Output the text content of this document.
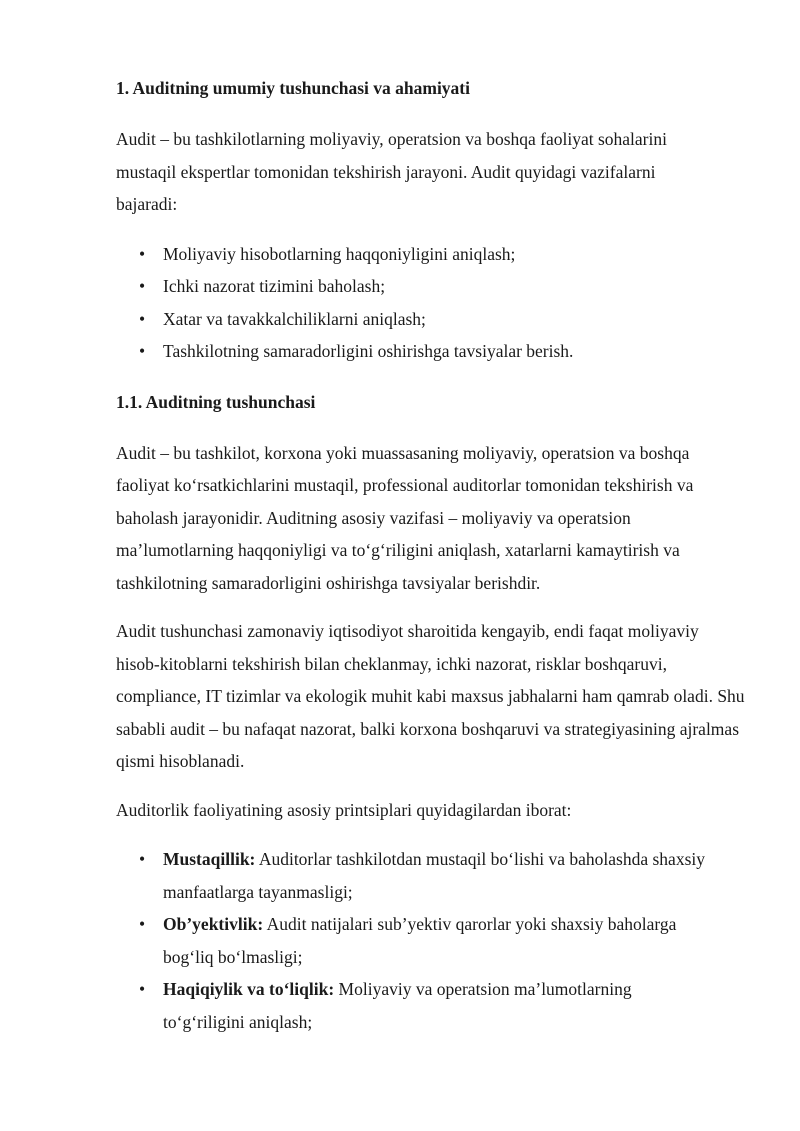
1. Auditning umumiy tushunchasi va ahamiyati

Audit – bu tashkilotlarning moliyaviy, operatsion va boshqa faoliyat sohalarini mustaqil ekspertlar tomonidan tekshirish jarayoni. Audit quyidagi vazifalarni bajaradi:

• Moliyaviy hisobotlarning haqqoniyligini aniqlash;
• Ichki nazorat tizimini baholash;
• Xatar va tavakkalchiliklarni aniqlash;
• Tashkilotning samaradorligini oshirishga tavsiyalar berish.
1.1. Auditning tushunchasi

Audit – bu tashkilot, korxona yoki muassasaning moliyaviy, operatsion va boshqa faoliyat koʻrsatkichlarini mustaqil, professional auditorlar tomonidan tekshirish va baholash jarayonidir. Auditning asosiy vazifasi – moliyaviy va operatsion maʼlumotlarning haqqoniyligi va toʻgʻriligini aniqlash, xatarlarni kamaytirish va tashkilotning samaradorligini oshirishga tavsiyalar berishdir.

Audit tushunchasi zamonaviy iqtisodiyot sharoitida kengayib, endi faqat moliyaviy hisob-kitoblarni tekshirish bilan cheklanmay, ichki nazorat, risklar boshqaruvi, compliance, IT tizimlar va ekologik muhit kabi maxsus jabhalarni ham qamrab oladi. Shu sababli audit – bu nafaqat nazorat, balki korxona boshqaruvi va strategiyasining ajralmas qismi hisoblanadi.

Auditorlik faoliyatining asosiy printsiplari quyidagilardan iborat:

• Mustaqillik: Auditorlar tashkilotdan mustaqil boʻlishi va baholashda shaxsiy manfaatlarga tayanmasligi;
• Obʼyektivlik: Audit natijalari subʼyektiv qarorlar yoki shaxsiy baholarga bogʻliq boʻlmasligi;
• Haqiqiylik va toʻliqlik: Moliyaviy va operatsion maʼlumotlarning toʻgʻriligini aniqlash;
